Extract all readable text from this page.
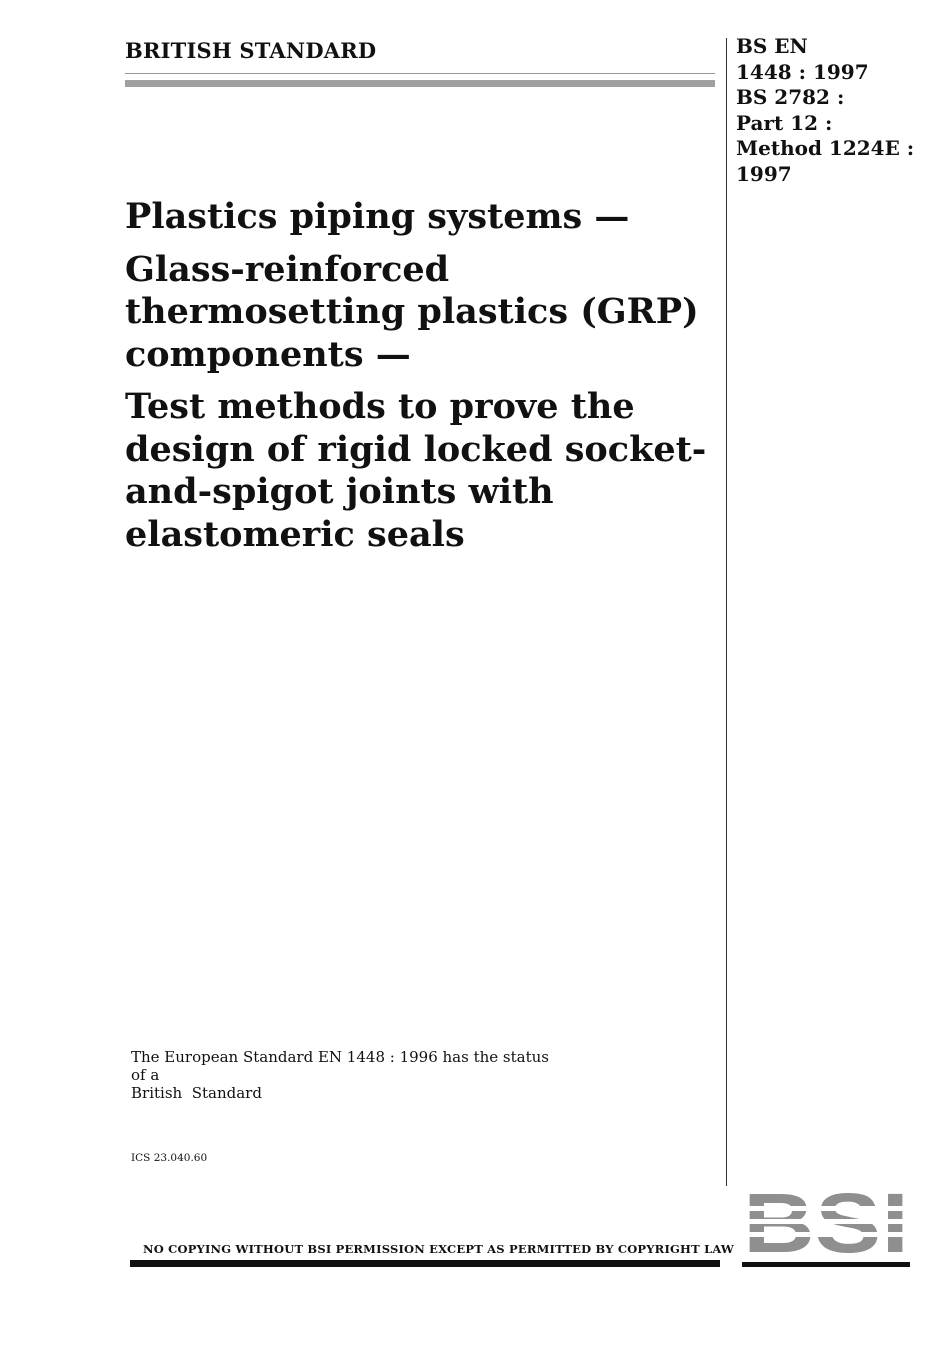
BRITISH STANDARD	BS EN
1448 : 1997
BS 2782 :
Part 12 :
Method 1224E :
1997

Plastics piping systems —

Glass-reinforced thermosetting plastics (GRP) components —

Test methods to prove the design of rigid locked socket-and-spigot joints with elastomeric seals

The European Standard EN 1448 : 1996 has the status of a
British  Standard
ICS 23.040.60
NO COPYING WITHOUT BSI PERMISSION EXCEPT AS PERMITTED BY COPYRIGHT LAW
